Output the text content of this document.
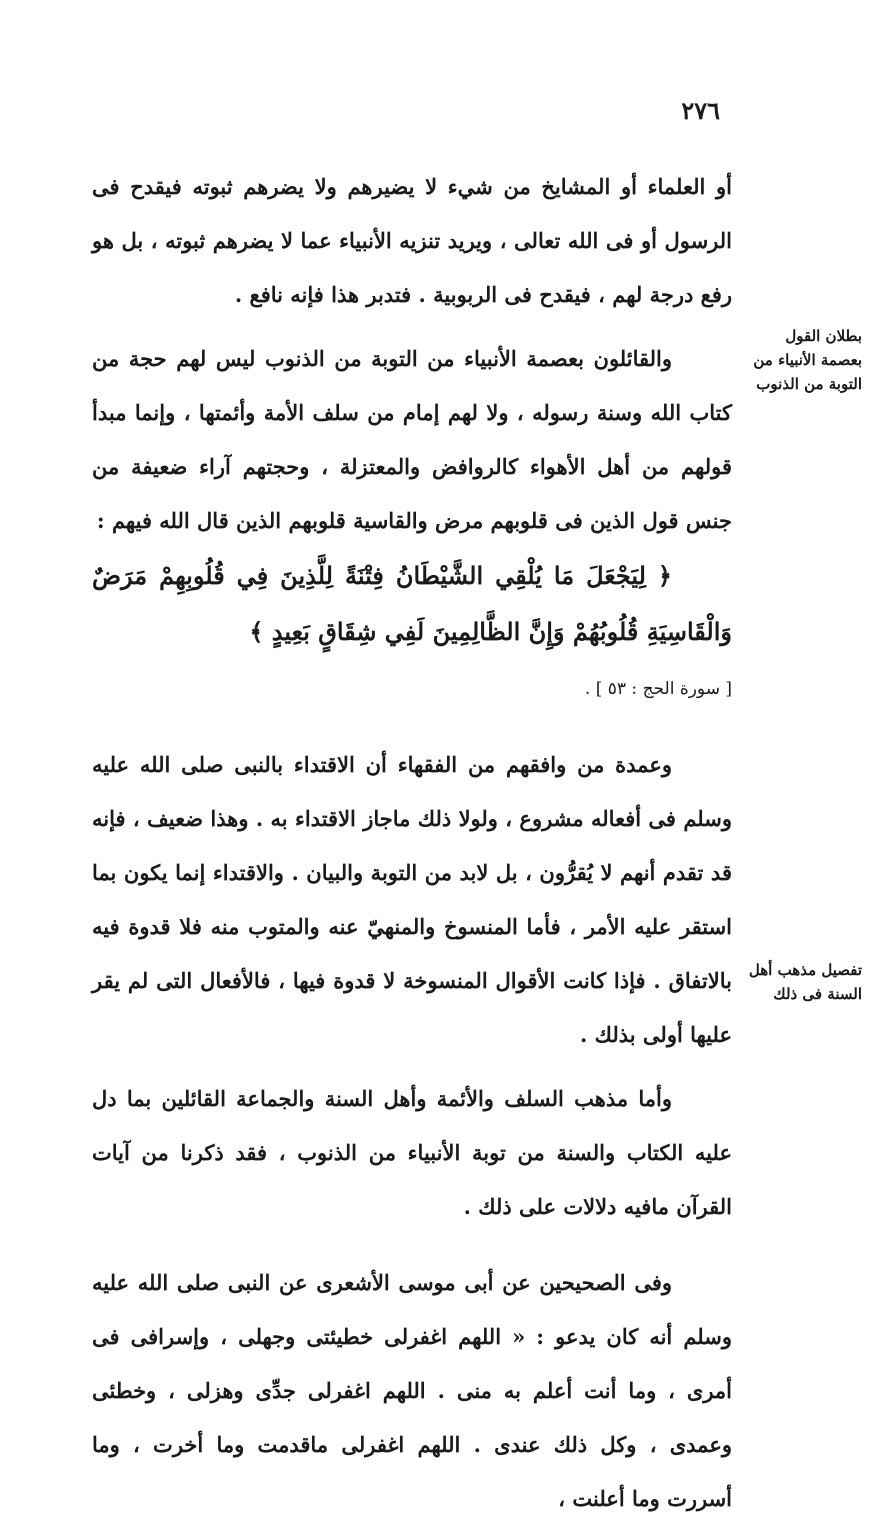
٢٧٦
بطلان القول بعصمة الأنبياء من التوبة من الذنوب
تفصيل مذهب أهل السنة فى ذلك

أو العلماء أو المشايخ من شيء لا يضيرهم ولا يضرهم ثبوته فيقدح فى الرسول أو فى الله تعالى ، ويريد تنزيه الأنبياء عما لا يضرهم ثبوته ، بل هو رفع درجة لهم ، فيقدح فى الربوبية . فتدبر هذا فإنه نافع .

والقائلون بعصمة الأنبياء من التوبة من الذنوب ليس لهم حجة من كتاب الله وسنة رسوله ، ولا لهم إمام من سلف الأمة وأئمتها ، وإنما مبدأ قولهم من أهل الأهواء كالروافض والمعتزلة ، وحجتهم آراء ضعيفة من جنس قول الذين فى قلوبهم مرض والقاسية قلوبهم الذين قال الله فيهم :
﴿ لِيَجْعَلَ مَا يُلْقِي الشَّيْطَانُ فِتْنَةً لِلَّذِينَ فِي قُلُوبِهِمْ مَرَضٌ وَالْقَاسِيَةِ قُلُوبُهُمْ وَإِنَّ الظَّالِمِينَ لَفِي شِقَاقٍ بَعِيدٍ ﴾
[ سورة الحج : ٥٣ ] .

وعمدة من وافقهم من الفقهاء أن الاقتداء بالنبى صلى الله عليه وسلم فى أفعاله مشروع ، ولولا ذلك ماجاز الاقتداء به . وهذا ضعيف ، فإنه قد تقدم أنهم لا يُقرُّون ، بل لابد من التوبة والبيان . والاقتداء إنما يكون بما استقر عليه الأمر ، فأما المنسوخ والمنهيّ عنه والمتوب منه فلا قدوة فيه بالاتفاق . فإذا كانت الأقوال المنسوخة لا قدوة فيها ، فالأفعال التى لم يقر عليها أولى بذلك .

وأما مذهب السلف والأئمة وأهل السنة والجماعة القائلين بما دل عليه الكتاب والسنة من توبة الأنبياء من الذنوب ، فقد ذكرنا من آيات القرآن مافيه دلالات على ذلك .

وفى الصحيحين عن أبى موسى الأشعرى عن النبى صلى الله عليه وسلم أنه كان يدعو : « اللهم اغفرلى خطيئتى وجهلى ، وإسرافى فى أمرى ، وما أنت أعلم به منى . اللهم اغفرلى جدِّى وهزلى ، وخطئى وعمدى ، وكل ذلك عندى . اللهم اغفرلى ماقدمت وما أخرت ، وما أسررت وما أعلنت ،
